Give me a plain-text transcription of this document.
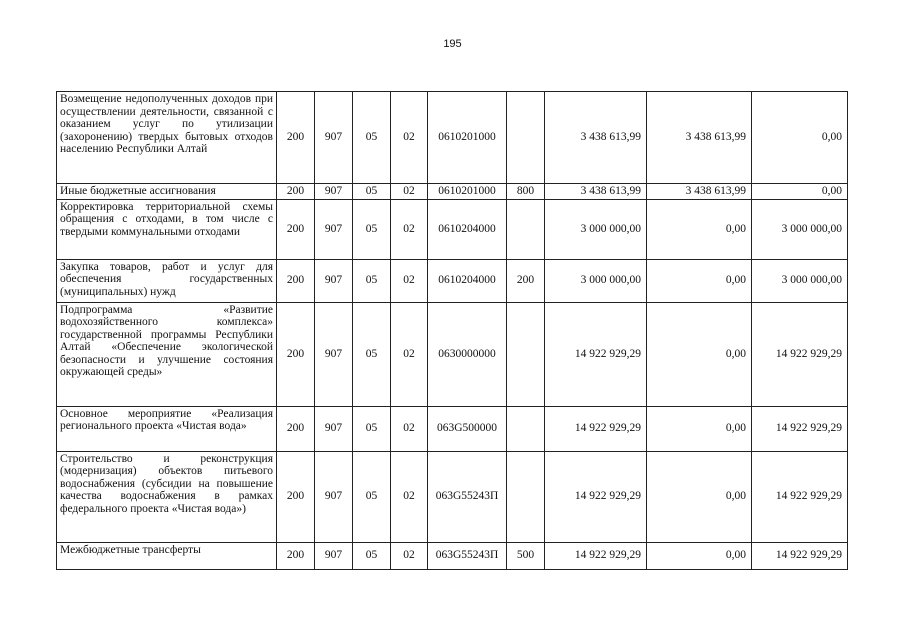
195
Возмещение недополученных доходов при осуществлении деятельности, связанной с оказанием услуг по утилизации (захоронению) твердых бытовых отходов населению Республики Алтай	200	907	05	02	0610201000		3 438 613,99	3 438 613,99	0,00
Иные бюджетные ассигнования	200	907	05	02	0610201000	800	3 438 613,99	3 438 613,99	0,00
Корректировка территориальной схемы обращения с отходами, в том числе с твердыми коммунальными отходами	200	907	05	02	0610204000		3 000 000,00	0,00	3 000 000,00
Закупка товаров, работ и услуг для обеспечения государственных (муниципальных) нужд	200	907	05	02	0610204000	200	3 000 000,00	0,00	3 000 000,00
Подпрограмма «Развитие водохозяйственного комплекса» государственной программы Республики Алтай «Обеспечение экологической безопасности и улучшение состояния окружающей среды»	200	907	05	02	0630000000		14 922 929,29	0,00	14 922 929,29
Основное мероприятие «Реализация регионального проекта «Чистая вода»	200	907	05	02	063G500000		14 922 929,29	0,00	14 922 929,29
Строительство и реконструкция (модернизация) объектов питьевого водоснабжения (субсидии на повышение качества водоснабжения в рамках федерального проекта «Чистая вода»)	200	907	05	02	063G55243П		14 922 929,29	0,00	14 922 929,29
Межбюджетные трансферты	200	907	05	02	063G55243П	500	14 922 929,29	0,00	14 922 929,29
